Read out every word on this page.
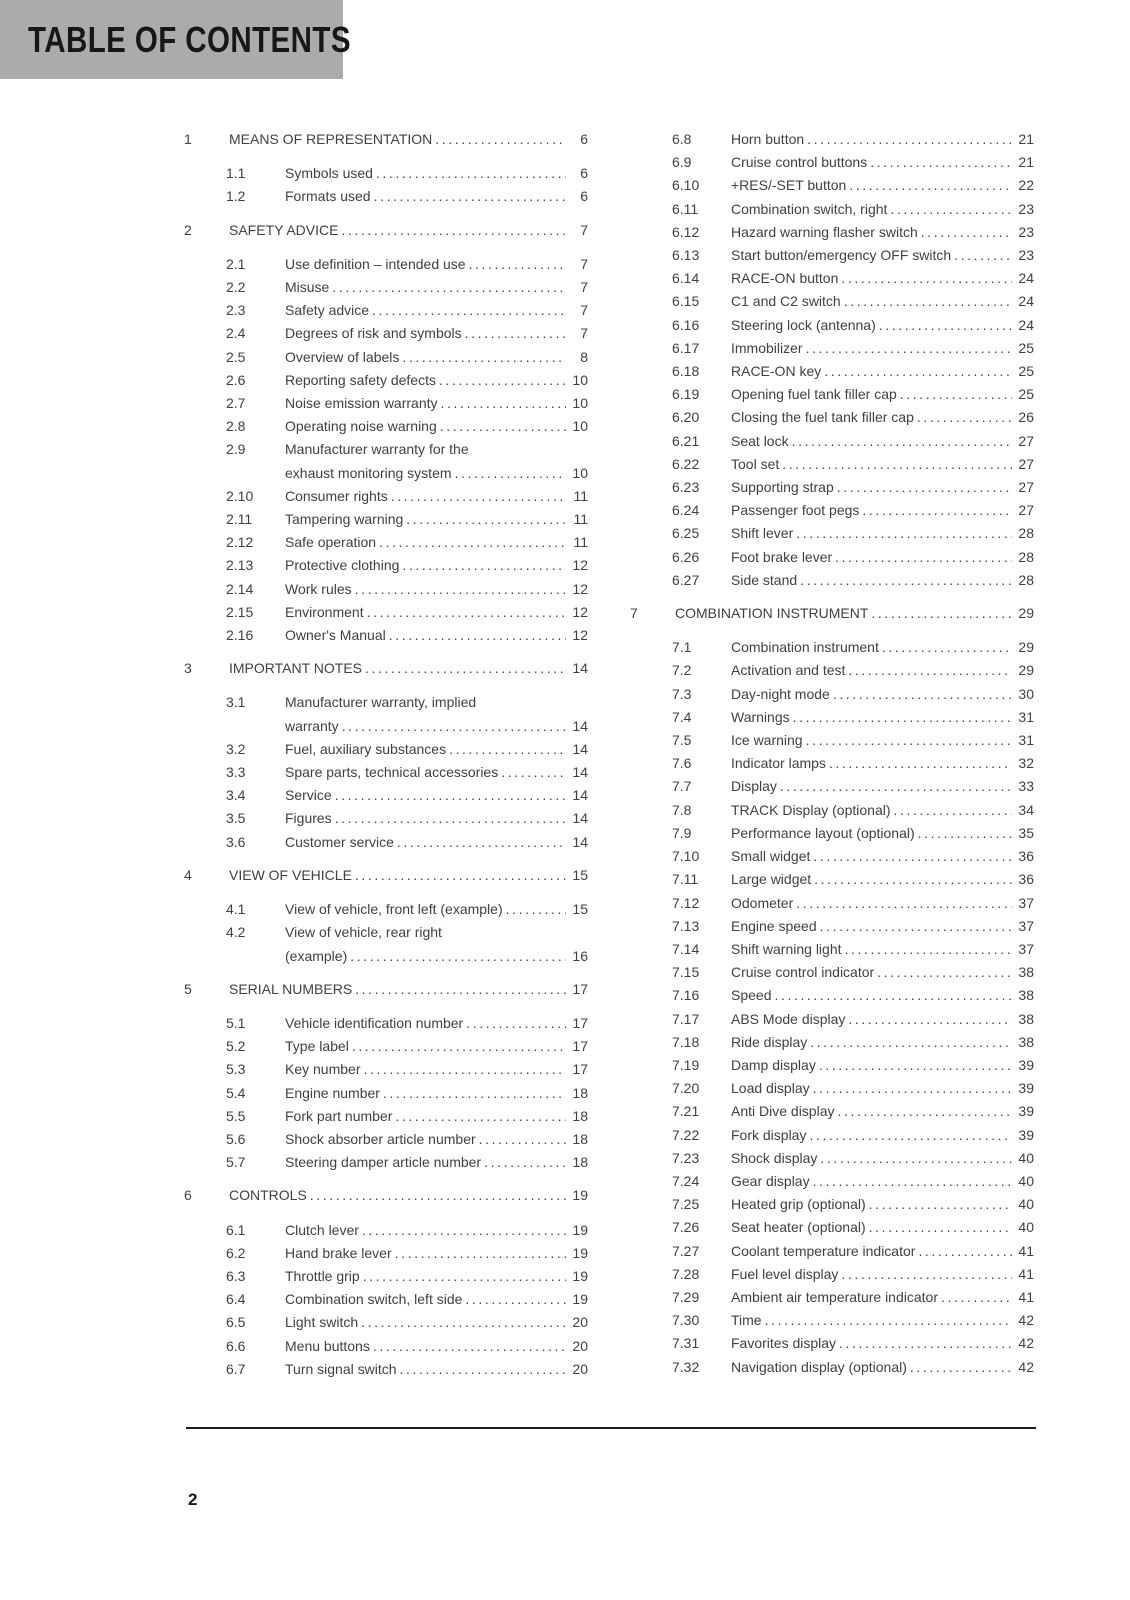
TABLE OF CONTENTS
1	MEANS OF REPRESENTATION .....	6
1.1	Symbols used .....	6
1.2	Formats used .....	6
2	SAFETY ADVICE .....	7
2.1	Use definition – intended use .....	7
2.2	Misuse .....	7
2.3	Safety advice .....	7
2.4	Degrees of risk and symbols .....	7
2.5	Overview of labels .....	8
2.6	Reporting safety defects .....	10
2.7	Noise emission warranty .....	10
2.8	Operating noise warning .....	10
2.9	Manufacturer warranty for the
exhaust monitoring system .....	10
2.10	Consumer rights .....	11
2.11	Tampering warning .....	11
2.12	Safe operation .....	11
2.13	Protective clothing .....	12
2.14	Work rules .....	12
2.15	Environment .....	12
2.16	Owner's Manual .....	12
3	IMPORTANT NOTES .....	14
3.1	Manufacturer warranty, implied
warranty .....	14
3.2	Fuel, auxiliary substances .....	14
3.3	Spare parts, technical accessories .....	14
3.4	Service .....	14
3.5	Figures .....	14
3.6	Customer service .....	14
4	VIEW OF VEHICLE .....	15
4.1	View of vehicle, front left (example) .....	15
4.2	View of vehicle, rear right
(example) .....	16
5	SERIAL NUMBERS .....	17
5.1	Vehicle identification number .....	17
5.2	Type label .....	17
5.3	Key number .....	17
5.4	Engine number .....	18
5.5	Fork part number .....	18
5.6	Shock absorber article number .....	18
5.7	Steering damper article number .....	18
6	CONTROLS .....	19
6.1	Clutch lever .....	19
6.2	Hand brake lever .....	19
6.3	Throttle grip .....	19
6.4	Combination switch, left side .....	19
6.5	Light switch .....	20
6.6	Menu buttons .....	20
6.7	Turn signal switch .....	20
6.8	Horn button .....	21
6.9	Cruise control buttons .....	21
6.10	+RES/-SET button .....	22
6.11	Combination switch, right .....	23
6.12	Hazard warning flasher switch .....	23
6.13	Start button/emergency OFF switch .....	23
6.14	RACE-ON button .....	24
6.15	C1 and C2 switch .....	24
6.16	Steering lock (antenna) .....	24
6.17	Immobilizer .....	25
6.18	RACE-ON key .....	25
6.19	Opening fuel tank filler cap .....	25
6.20	Closing the fuel tank filler cap .....	26
6.21	Seat lock .....	27
6.22	Tool set .....	27
6.23	Supporting strap .....	27
6.24	Passenger foot pegs .....	27
6.25	Shift lever .....	28
6.26	Foot brake lever .....	28
6.27	Side stand .....	28
7	COMBINATION INSTRUMENT .....	29
7.1	Combination instrument .....	29
7.2	Activation and test .....	29
7.3	Day-night mode .....	30
7.4	Warnings .....	31
7.5	Ice warning .....	31
7.6	Indicator lamps .....	32
7.7	Display .....	33
7.8	TRACK Display (optional) .....	34
7.9	Performance layout (optional) .....	35
7.10	Small widget .....	36
7.11	Large widget .....	36
7.12	Odometer .....	37
7.13	Engine speed .....	37
7.14	Shift warning light .....	37
7.15	Cruise control indicator .....	38
7.16	Speed .....	38
7.17	ABS Mode display .....	38
7.18	Ride display .....	38
7.19	Damp display .....	39
7.20	Load display .....	39
7.21	Anti Dive display .....	39
7.22	Fork display .....	39
7.23	Shock display .....	40
7.24	Gear display .....	40
7.25	Heated grip (optional) .....	40
7.26	Seat heater (optional) .....	40
7.27	Coolant temperature indicator .....	41
7.28	Fuel level display .....	41
7.29	Ambient air temperature indicator .....	41
7.30	Time .....	42
7.31	Favorites display .....	42
7.32	Navigation display (optional) .....	42
2
